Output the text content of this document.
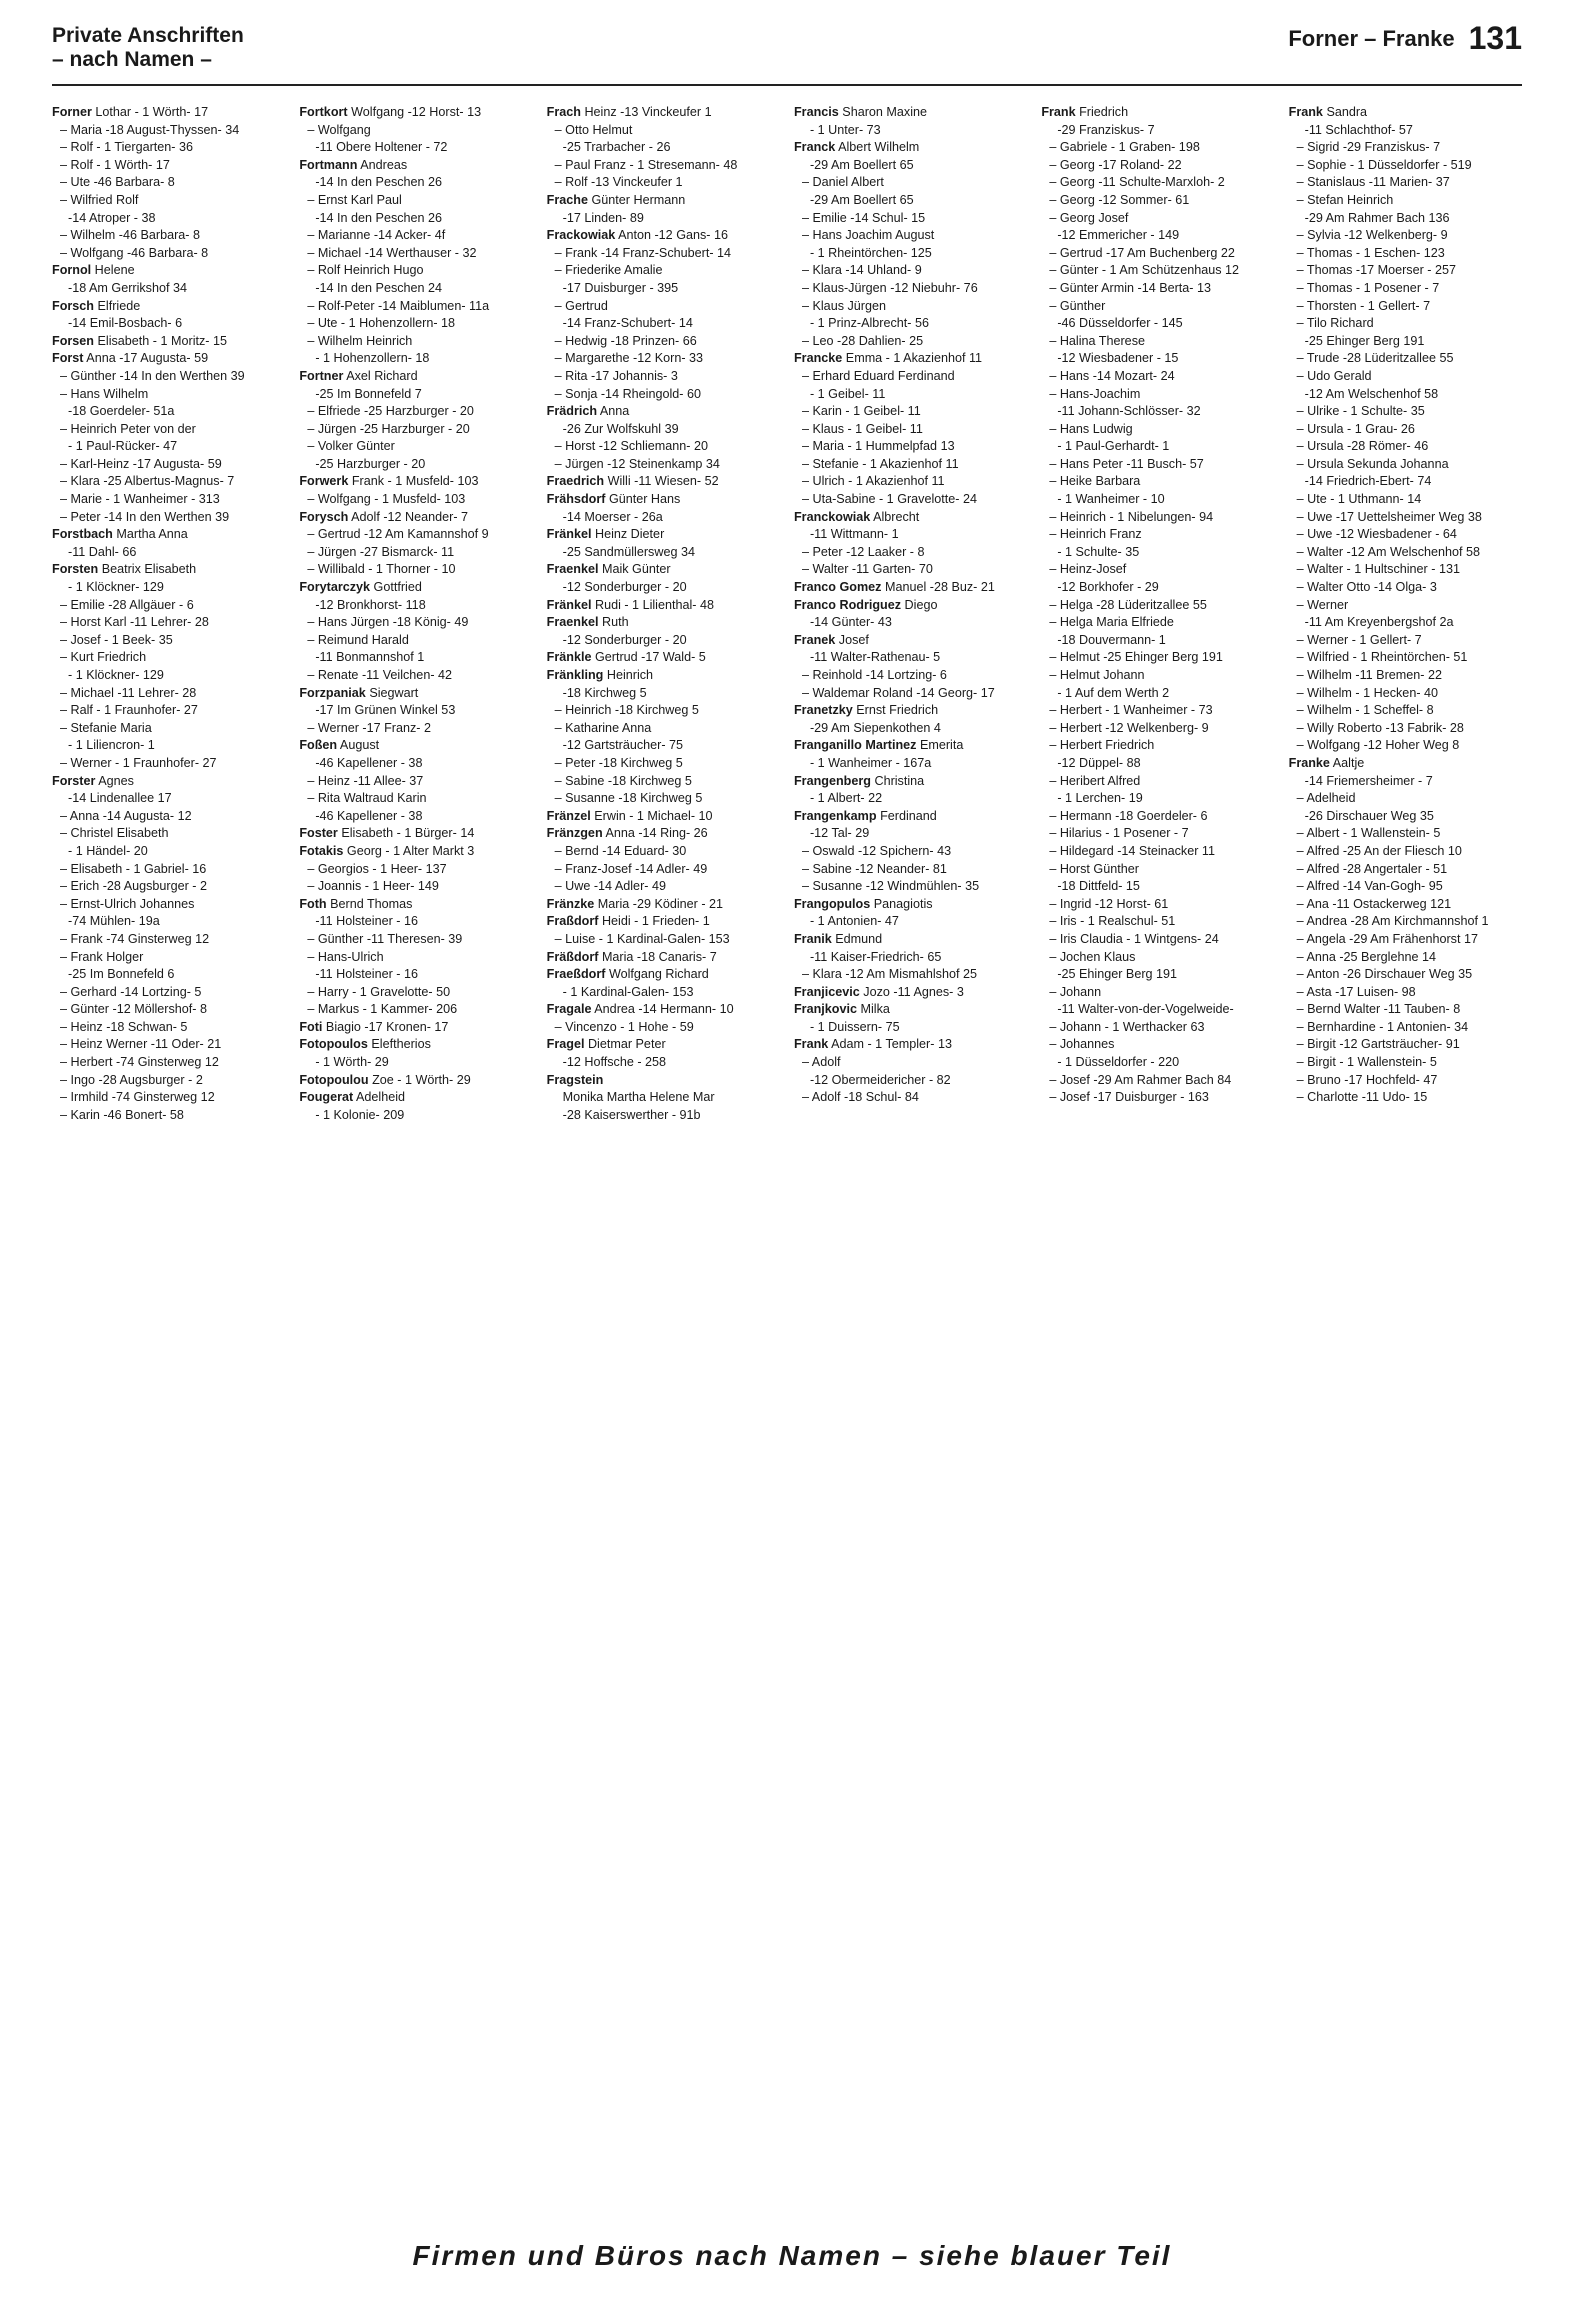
Private Anschriften
– nach Namen –
Forner – Franke 131
Forner Lothar - 1 Wörth- 17
– Maria -18 August-Thyssen- 34
– Rolf - 1 Tiergarten- 36
– Rolf - 1 Wörth- 17
– Ute -46 Barbara- 8
– Wilfried Rolf
-14 Atroper - 38
– Wilhelm -46 Barbara- 8
– Wolfgang -46 Barbara- 8
Fornol Helene
-18 Am Gerrikshof 34
Forsch Elfriede
-14 Emil-Bosbach- 6
Forsen Elisabeth - 1 Moritz- 15
Forst Anna -17 Augusta- 59
– Günther -14 In den Werthen 39
– Hans Wilhelm
-18 Goerdeler- 51a
– Heinrich Peter von der
- 1 Paul-Rücker- 47
– Karl-Heinz -17 Augusta- 59
– Klara -25 Albertus-Magnus- 7
– Marie - 1 Wanheimer - 313
– Peter -14 In den Werthen 39
Forstbach Martha Anna
-11 Dahl- 66
Forsten Beatrix Elisabeth
- 1 Klöckner- 129
– Emilie -28 Allgäuer - 6
– Horst Karl -11 Lehrer- 28
– Josef - 1 Beek- 35
– Kurt Friedrich
- 1 Klöckner- 129
– Michael -11 Lehrer- 28
– Ralf - 1 Fraunhofer- 27
– Stefanie Maria
- 1 Liliencron- 1
– Werner - 1 Fraunhofer- 27
Forster Agnes
-14 Lindenallee 17
– Anna -14 Augusta- 12
– Christel Elisabeth
- 1 Händel- 20
– Elisabeth - 1 Gabriel- 16
– Erich -28 Augsburger - 2
– Ernst-Ulrich Johannes
-74 Mühlen- 19a
– Frank -74 Ginsterweg 12
– Frank Holger
-25 Im Bonnefeld 6
– Gerhard -14 Lortzing- 5
– Günter -12 Möllershof- 8
– Heinz -18 Schwan- 5
– Heinz Werner -11 Oder- 21
– Herbert -74 Ginsterweg 12
– Ingo -28 Augsburger - 2
– Irmhild -74 Ginsterweg 12
– Karin -46 Bonert- 58
Fortkort Wolfgang -12 Horst- 13
– Wolfgang
-11 Obere Holtener - 72
Fortmann Andreas
-14 In den Peschen 26
– Ernst Karl Paul
-14 In den Peschen 26
– Marianne -14 Acker- 4f
– Michael -14 Werthauser - 32
– Rolf Heinrich Hugo
-14 In den Peschen 24
– Rolf-Peter -14 Maiblumen- 11a
– Ute - 1 Hohenzollern- 18
– Wilhelm Heinrich
- 1 Hohenzollern- 18
Fortner Axel Richard
-25 Im Bonnefeld 7
– Elfriede -25 Harzburger - 20
– Jürgen -25 Harzburger - 20
– Volker Günter
-25 Harzburger - 20
Forwerk Frank - 1 Musfeld- 103
– Wolfgang - 1 Musfeld- 103
Forysch Adolf -12 Neander- 7
– Gertrud -12 Am Kamannshof 9
– Jürgen -27 Bismarck- 11
– Willibald - 1 Thorner - 10
Forytarczyk Gottfried
-12 Bronkhorst- 118
– Hans Jürgen -18 König- 49
– Reimund Harald
-11 Bonmannshof 1
– Renate -11 Veilchen- 42
Forzpaniak Siegwart
-17 Im Grünen Winkel 53
– Werner -17 Franz- 2
Foßen August
-46 Kapellener - 38
– Heinz -11 Allee- 37
– Rita Waltraud Karin
-46 Kapellener - 38
Foster Elisabeth - 1 Bürger- 14
Fotakis Georg - 1 Alter Markt 3
– Georgios - 1 Heer- 137
– Joannis - 1 Heer- 149
Foth Bernd Thomas
-11 Holsteiner - 16
– Günther -11 Theresen- 39
– Hans-Ulrich
-11 Holsteiner - 16
– Harry - 1 Gravelotte- 50
– Markus - 1 Kammer- 206
Foti Biagio -17 Kronen- 17
Fotopoulos Eleftherios
- 1 Wörth- 29
Fotopoulou Zoe - 1 Wörth- 29
Fougerat Adelheid
- 1 Kolonie- 209
Frach Heinz -13 Vinckeufer 1
– Otto Helmut
-25 Trarbacher - 26
– Paul Franz - 1 Stresemann- 48
– Rolf -13 Vinckeufer 1
Frache Günter Hermann
-17 Linden- 89
Frackowiak Anton -12 Gans- 16
– Frank -14 Franz-Schubert- 14
– Friederike Amalie
-17 Duisburger - 395
– Gertrud
-14 Franz-Schubert- 14
– Hedwig -18 Prinzen- 66
– Margarethe -12 Korn- 33
– Rita -17 Johannis- 3
– Sonja -14 Rheingold- 60
Frädrich Anna
-26 Zur Wolfskuhl 39
– Horst -12 Schliemann- 20
– Jürgen -12 Steinenkamp 34
Fraedrich Willi -11 Wiesen- 52
Frähsdorf Günter Hans
-14 Moerser - 26a
Fränkel Heinz Dieter
-25 Sandmüllersweg 34
Fraenkel Maik Günter
-12 Sonderburger - 20
Fränkel Rudi - 1 Lilienthal- 48
Fraenkel Ruth
-12 Sonderburger - 20
Fränkle Gertrud -17 Wald- 5
Fränkling Heinrich
-18 Kirchweg 5
– Heinrich -18 Kirchweg 5
– Katharine Anna
-12 Gartsträucher- 75
– Peter -18 Kirchweg 5
– Sabine -18 Kirchweg 5
– Susanne -18 Kirchweg 5
Fränzel Erwin - 1 Michael- 10
Fränzgen Anna -14 Ring- 26
– Bernd -14 Eduard- 30
– Franz-Josef -14 Adler- 49
– Uwe -14 Adler- 49
Fränzke Maria -29 Ködiner - 21
Fraßdorf Heidi - 1 Frieden- 1
– Luise - 1 Kardinal-Galen- 153
Fräßdorf Maria -18 Canaris- 7
Fraeßdorf Wolfgang Richard
- 1 Kardinal-Galen- 153
Fragale Andrea -14 Hermann- 10
– Vincenzo - 1 Hohe - 59
Fragel Dietmar Peter
-12 Hoffsche - 258
Fragstein
Monika Martha Helene Mar
-28 Kaiserswerther - 91b
Francis Sharon Maxine
- 1 Unter- 73
Franck Albert Wilhelm
-29 Am Boellert 65
– Daniel Albert
-29 Am Boellert 65
– Emilie -14 Schul- 15
– Hans Joachim August
- 1 Rheintörchen- 125
– Klara -14 Uhland- 9
– Klaus-Jürgen -12 Niebuhr- 76
– Klaus Jürgen
- 1 Prinz-Albrecht- 56
– Leo -28 Dahlien- 25
Francke Emma - 1 Akazienhof 11
– Erhard Eduard Ferdinand
- 1 Geibel- 11
– Karin - 1 Geibel- 11
– Klaus - 1 Geibel- 11
– Maria - 1 Hummelpfad 13
– Stefanie - 1 Akazienhof 11
– Ulrich - 1 Akazienhof 11
– Uta-Sabine - 1 Gravelotte- 24
Franckowiak Albrecht
-11 Wittmann- 1
– Peter -12 Laaker - 8
– Walter -11 Garten- 70
Franco Gomez Manuel -28 Buz- 21
Franco Rodriguez Diego
-14 Günter- 43
Franek Josef
-11 Walter-Rathenau- 5
– Reinhold -14 Lortzing- 6
– Waldemar Roland -14 Georg- 17
Franetzky Ernst Friedrich
-29 Am Siepenkothen 4
Franganillo Martinez Emerita
- 1 Wanheimer - 167a
Frangenberg Christina
- 1 Albert- 22
Frangenkamp Ferdinand
-12 Tal- 29
– Oswald -12 Spichern- 43
– Sabine -12 Neander- 81
– Susanne -12 Windmühlen- 35
Frangopulos Panagiotis
- 1 Antonien- 47
Franik Edmund
-11 Kaiser-Friedrich- 65
– Klara -12 Am Mismahlshof 25
Franjicevic Jozo -11 Agnes- 3
Franjkovic Milka
- 1 Duissern- 75
Frank Adam - 1 Templer- 13
– Adolf
-12 Obermeidericher - 82
– Adolf -18 Schul- 84
Frank Friedrich
-29 Franziskus- 7
– Gabriele - 1 Graben- 198
– Georg -17 Roland- 22
– Georg -11 Schulte-Marxloh- 2
– Georg -12 Sommer- 61
– Georg Josef
-12 Emmericher - 149
– Gertrud -17 Am Buchenberg 22
– Günter - 1 Am Schützenhaus 12
– Günter Armin -14 Berta- 13
– Günther
-46 Düsseldorfer - 145
– Halina Therese
-12 Wiesbadener - 15
– Hans -14 Mozart- 24
– Hans-Joachim
-11 Johann-Schlösser- 32
– Hans Ludwig
- 1 Paul-Gerhardt- 1
– Hans Peter -11 Busch- 57
– Heike Barbara
- 1 Wanheimer - 10
– Heinrich - 1 Nibelungen- 94
– Heinrich Franz
- 1 Schulte- 35
– Heinz-Josef
-12 Borkhofer - 29
– Helga -28 Lüderitzallee 55
– Helga Maria Elfriede
-18 Douvermann- 1
– Helmut -25 Ehinger Berg 191
– Helmut Johann
- 1 Auf dem Werth 2
– Herbert - 1 Wanheimer - 73
– Herbert -12 Welkenberg- 9
– Herbert Friedrich
-12 Düppel- 88
– Heribert Alfred
- 1 Lerchen- 19
– Hermann -18 Goerdeler- 6
– Hilarius - 1 Posener - 7
– Hildegard -14 Steinacker 11
– Horst Günther
-18 Dittfeld- 15
– Ingrid -12 Horst- 61
– Iris - 1 Realschul- 51
– Iris Claudia - 1 Wintgens- 24
– Jochen Klaus
-25 Ehinger Berg 191
– Johann
-11 Walter-von-der-Vogelweide-
– Johann - 1 Werthacker 63
– Johannes
- 1 Düsseldorfer - 220
– Josef -29 Am Rahmer Bach 84
– Josef -17 Duisburger - 163
Frank Sandra
-11 Schlachthof- 57
– Sigrid -29 Franziskus- 7
– Sophie - 1 Düsseldorfer - 519
– Stanislaus -11 Marien- 37
– Stefan Heinrich
-29 Am Rahmer Bach 136
– Sylvia -12 Welkenberg- 9
– Thomas - 1 Eschen- 123
– Thomas -17 Moerser - 257
– Thomas - 1 Posener - 7
– Thorsten - 1 Gellert- 7
– Tilo Richard
-25 Ehinger Berg 191
– Trude -28 Lüderitzallee 55
– Udo Gerald
-12 Am Welschenhof 58
– Ulrike - 1 Schulte- 35
– Ursula - 1 Grau- 26
– Ursula -28 Römer- 46
– Ursula Sekunda Johanna
-14 Friedrich-Ebert- 74
– Ute - 1 Uthmann- 14
– Uwe -17 Uettelsheimer Weg 38
– Uwe -12 Wiesbadener - 64
– Walter -12 Am Welschenhof 58
– Walter - 1 Hultschiner - 131
– Walter Otto -14 Olga- 3
– Werner
-11 Am Kreyenbergshof 2a
– Werner - 1 Gellert- 7
– Wilfried - 1 Rheintörchen- 51
– Wilhelm -11 Bremen- 22
– Wilhelm - 1 Hecken- 40
– Wilhelm - 1 Scheffel- 8
– Willy Roberto -13 Fabrik- 28
– Wolfgang -12 Hoher Weg 8
Franke Aaltje
-14 Friemersheimer - 7
– Adelheid
-26 Dirschauer Weg 35
– Albert - 1 Wallenstein- 5
– Alfred -25 An der Fliesch 10
– Alfred -28 Angertaler - 51
– Alfred -14 Van-Gogh- 95
– Ana -11 Ostackerweg 121
– Andrea -28 Am Kirchmannshof 1
– Angela -29 Am Frähenhorst 17
– Anna -25 Berglehne 14
– Anton -26 Dirschauer Weg 35
– Asta -17 Luisen- 98
– Bernd Walter -11 Tauben- 8
– Bernhardine - 1 Antonien- 34
– Birgit -12 Gartsträucher- 91
– Birgit - 1 Wallenstein- 5
– Bruno -17 Hochfeld- 47
– Charlotte -11 Udo- 15
Firmen und Büros nach Namen – siehe blauer Teil
